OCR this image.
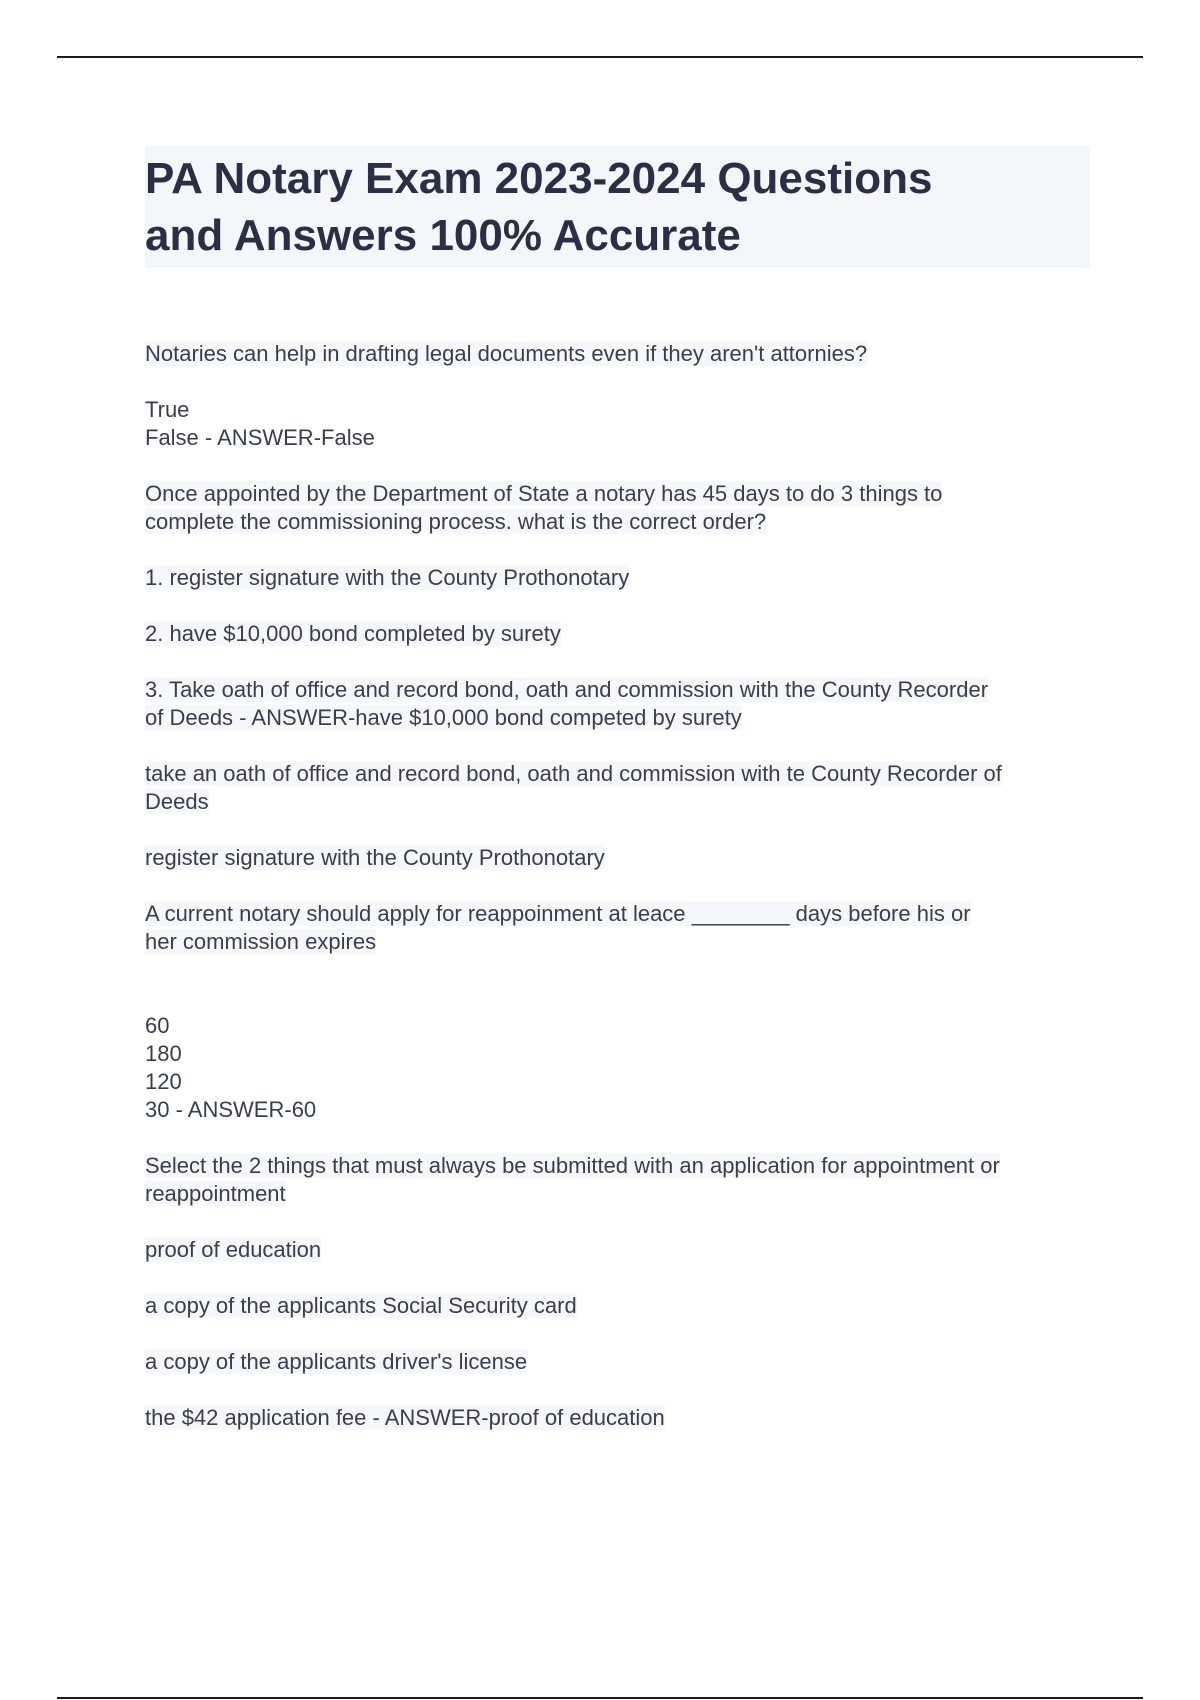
PA Notary Exam 2023-2024 Questions
and Answers 100% Accurate

Notaries can help in drafting legal documents even if they aren't attornies?

True
False - ANSWER-False

Once appointed by the Department of State a notary has 45 days to do 3 things to
complete the commissioning process. what is the correct order?

1. register signature with the County Prothonotary

2. have $10,000 bond completed by surety

3. Take oath of office and record bond, oath and commission with the County Recorder
of Deeds - ANSWER-have $10,000 bond competed by surety

take an oath of office and record bond, oath and commission with te County Recorder of
Deeds

register signature with the County Prothonotary

A current notary should apply for reappoinment at leace ________ days before his or
her commission expires

60
180
120
30 - ANSWER-60

Select the 2 things that must always be submitted with an application for appointment or
reappointment

proof of education

a copy of the applicants Social Security card

a copy of the applicants driver's license

the $42 application fee - ANSWER-proof of education
